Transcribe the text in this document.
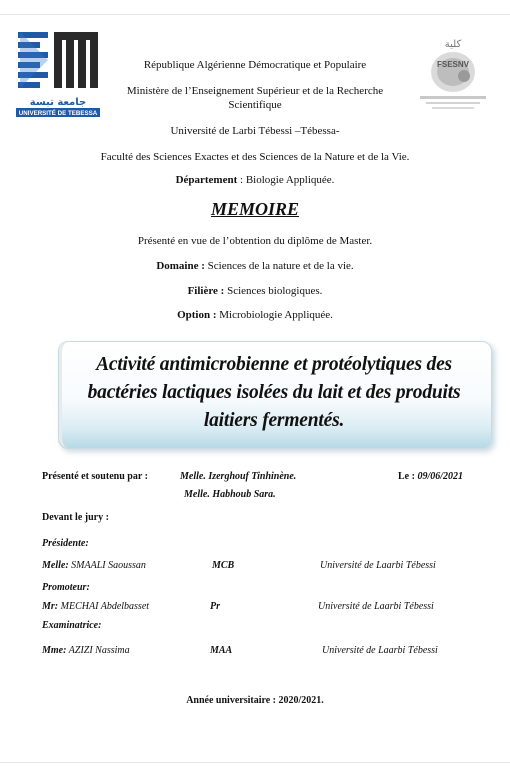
جامعة تبسة
UNIVERSITÉ DE TEBESSA
كلية
FSESNV
République Algérienne Démocratique et Populaire
Ministère de l’Enseignement Supérieur et de la Recherche
Scientifique
Université de Larbi Tébessi –Tébessa-
Faculté des Sciences Exactes et des Sciences de la Nature et de la Vie.
Département : Biologie Appliquée.
MEMOIRE
Présenté en vue de l’obtention du diplôme de Master.
Domaine : Sciences de la nature et de la vie.
Filière : Sciences biologiques.
Option : Microbiologie Appliquée.
Activité antimicrobienne et protéolytiques des
bactéries lactiques isolées du lait et des produits
laitiers fermentés.
Présenté et soutenu par :	Melle. Izerghouf Tinhinène.
Melle. Habhoub Sara.
Le : 09/06/2021
Devant le jury :
Présidente:
Melle: SMAALI Saoussan	MCB	Université de Laarbi Tébessi
Promoteur:
Mr: MECHAI Abdelbasset	Pr	Université de Laarbi Tébessi
Examinatrice:
Mme: AZIZI Nassima	MAA	Université de Laarbi Tébessi
Année universitaire : 2020/2021.
